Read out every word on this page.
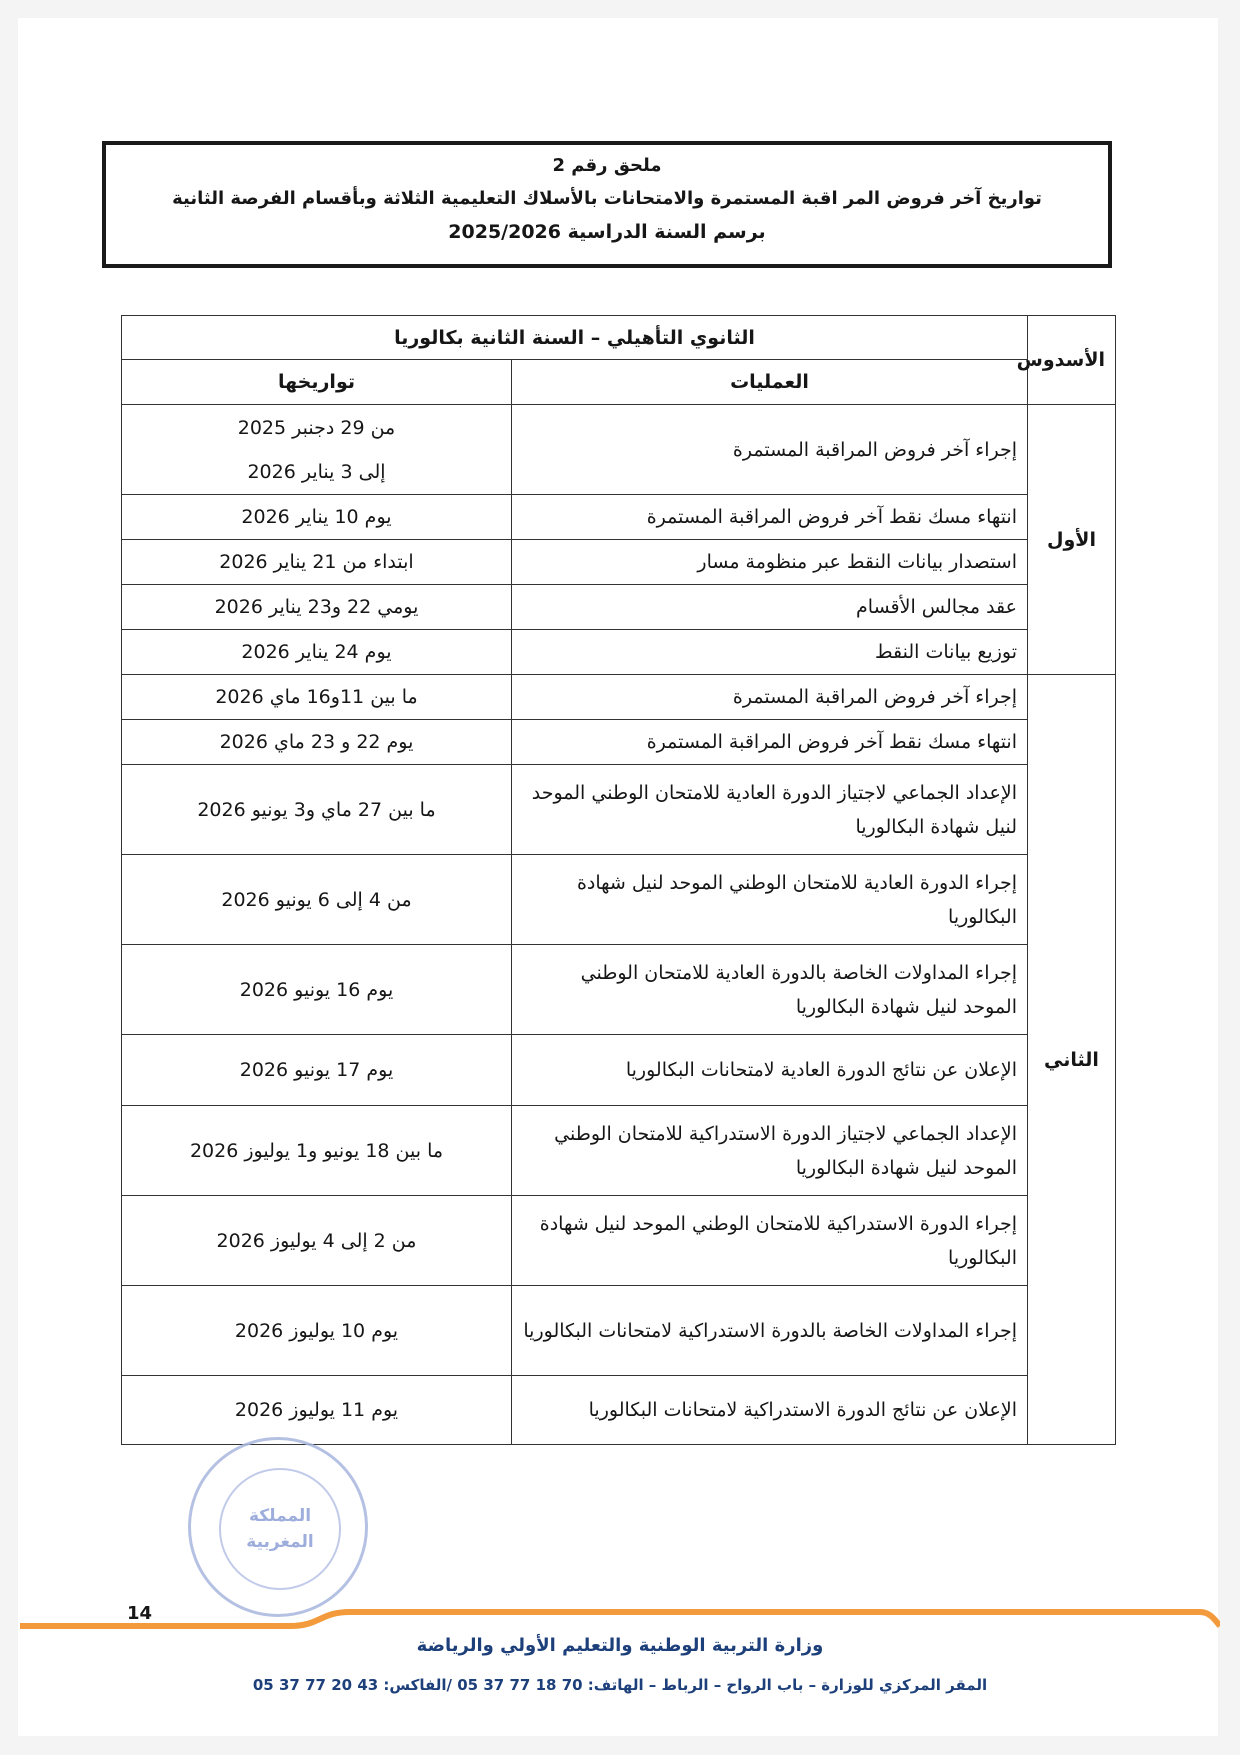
ملحق رقم 2
تواريخ آخر فروض المر اقبة المستمرة والامتحانات بالأسلاك التعليمية الثلاثة وبأقسام الفرصة الثانية
برسم السنة الدراسية 2025/2026
الأسدوس	الثانوي التأهيلي – السنة الثانية بكالوريا	
	العمليات	تواريخها
الأول	إجراء آخر فروض المراقبة المستمرة	من 29 دجنبر 2025
إلى 3 يناير 2026

	انتهاء مسك نقط آخر فروض المراقبة المستمرة	يوم 10 يناير 2026
	استصدار بيانات النقط عبر منظومة مسار	ابتداء من 21 يناير 2026
	عقد مجالس الأقسام	يومي 22 و23 يناير 2026
	توزيع بيانات النقط	يوم 24 يناير 2026
الثاني	إجراء آخر فروض المراقبة المستمرة	ما بين 11و16 ماي 2026
	انتهاء مسك نقط آخر فروض المراقبة المستمرة	يوم 22 و 23 ماي 2026
	الإعداد الجماعي لاجتياز الدورة العادية للامتحان الوطني الموحد لنيل شهادة البكالوريا	ما بين 27 ماي و3 يونيو 2026
	إجراء الدورة العادية للامتحان الوطني الموحد لنيل شهادة البكالوريا	من 4 إلى 6 يونيو 2026
	إجراء المداولات الخاصة بالدورة العادية للامتحان الوطني الموحد لنيل شهادة البكالوريا	يوم 16 يونيو 2026
	الإعلان عن نتائج الدورة العادية لامتحانات البكالوريا	يوم 17 يونيو 2026
	الإعداد الجماعي لاجتياز الدورة الاستدراكية للامتحان الوطني الموحد لنيل شهادة البكالوريا	ما بين 18 يونيو و1 يوليوز 2026
	إجراء الدورة الاستدراكية للامتحان الوطني الموحد لنيل شهادة البكالوريا	من 2 إلى 4 يوليوز 2026
	إجراء المداولات الخاصة بالدورة الاستدراكية لامتحانات البكالوريا	يوم 10 يوليوز 2026
	الإعلان عن نتائج الدورة الاستدراكية لامتحانات البكالوريا	يوم 11 يوليوز 2026
المملكة
المغربية
14
وزارة التربية الوطنية والتعليم الأولي والرياضة
المقر المركزي للوزارة – باب الرواح – الرباط – الهاتف: 70 18 77 37 05 /الفاكس: 43 20 77 37 05
